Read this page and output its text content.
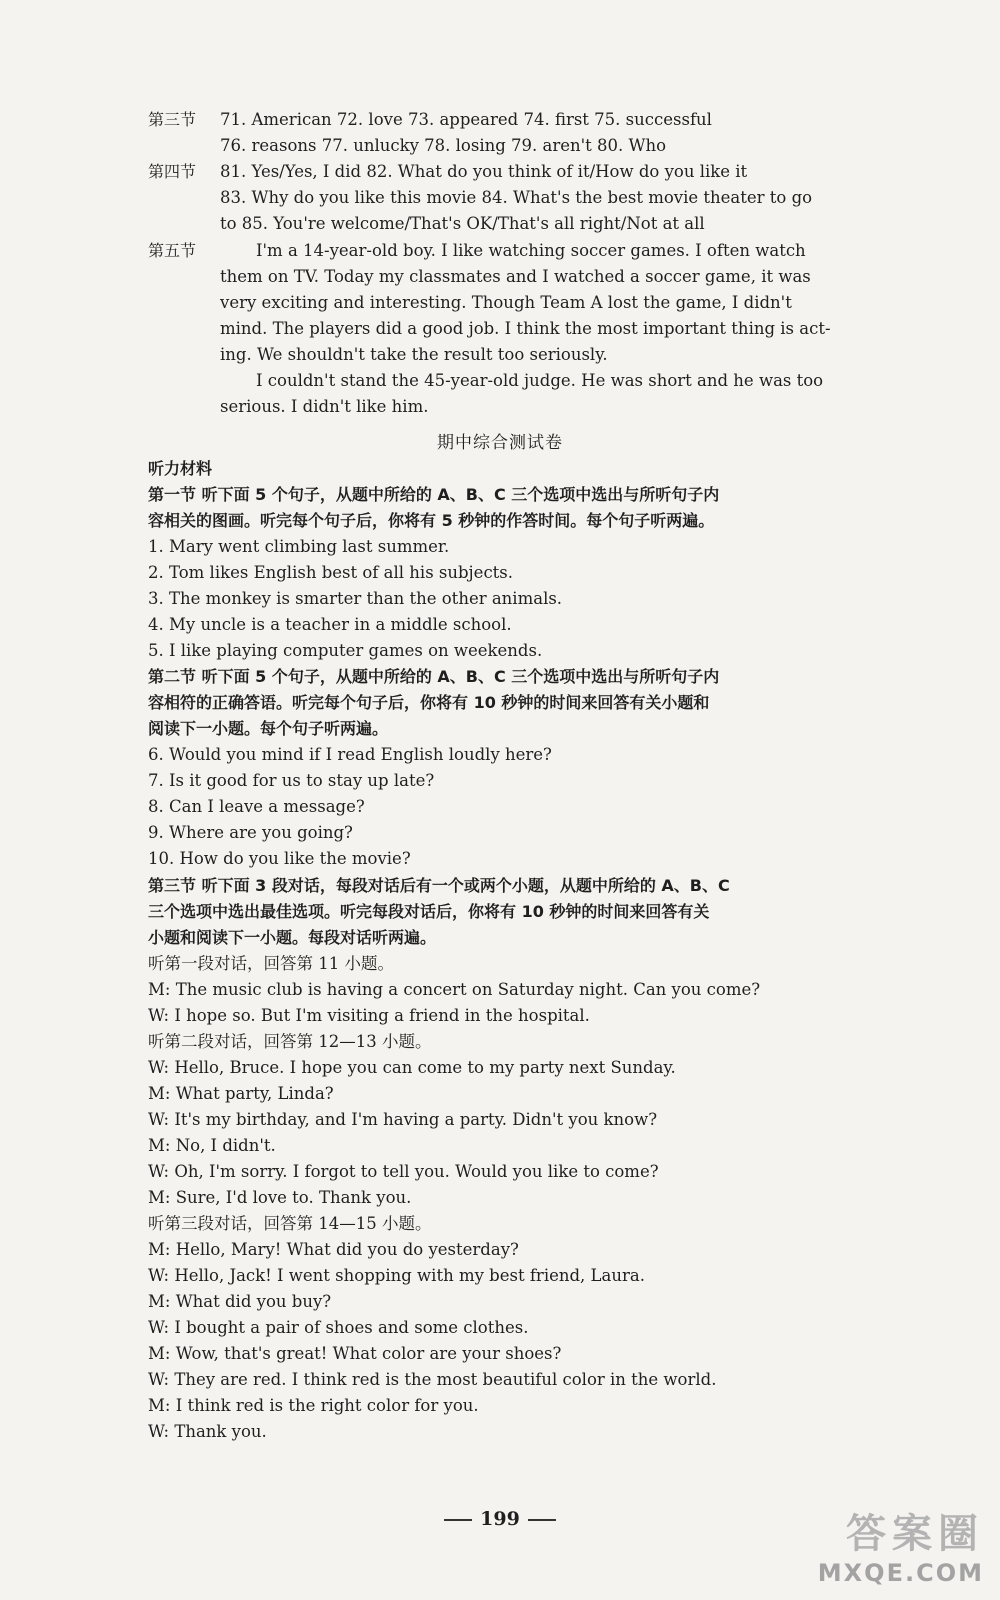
第三节 71. American 72. love 73. appeared 74. first 75. successful
76. reasons 77. unlucky 78. losing 79. aren't 80. Who
第四节 81. Yes/Yes, I did 82. What do you think of it/How do you like it
83. Why do you like this movie 84. What's the best movie theater to go
to 85. You're welcome/That's OK/That's all right/Not at all
第五节	I'm a 14-year-old boy. I like watching soccer games. I often watch
them on TV. Today my classmates and I watched a soccer game, it was
very exciting and interesting. Though Team A lost the game, I didn't
mind. The players did a good job. I think the most important thing is act-
ing. We shouldn't take the result too seriously.
I couldn't stand the 45-year-old judge. He was short and he was too
serious. I didn't like him.
期中综合测试卷
听力材料
第一节 听下面 5 个句子，从题中所给的 A、B、C 三个选项中选出与所听句子内
容相关的图画。听完每个句子后，你将有 5 秒钟的作答时间。每个句子听两遍。
1. Mary went climbing last summer.
2. Tom likes English best of all his subjects.
3. The monkey is smarter than the other animals.
4. My uncle is a teacher in a middle school.
5. I like playing computer games on weekends.
第二节 听下面 5 个句子，从题中所给的 A、B、C 三个选项中选出与所听句子内
容相符的正确答语。听完每个句子后，你将有 10 秒钟的时间来回答有关小题和
阅读下一小题。每个句子听两遍。
6. Would you mind if I read English loudly here?
7. Is it good for us to stay up late?
8. Can I leave a message?
9. Where are you going?
10. How do you like the movie?
第三节 听下面 3 段对话，每段对话后有一个或两个小题，从题中所给的 A、B、C
三个选项中选出最佳选项。听完每段对话后，你将有 10 秒钟的时间来回答有关
小题和阅读下一小题。每段对话听两遍。
听第一段对话，回答第 11 小题。
M: The music club is having a concert on Saturday night. Can you come?
W: I hope so. But I'm visiting a friend in the hospital.
听第二段对话，回答第 12—13 小题。
W: Hello, Bruce. I hope you can come to my party next Sunday.
M: What party, Linda?
W: It's my birthday, and I'm having a party. Didn't you know?
M: No, I didn't.
W: Oh, I'm sorry. I forgot to tell you. Would you like to come?
M: Sure, I'd love to. Thank you.
听第三段对话，回答第 14—15 小题。
M: Hello, Mary! What did you do yesterday?
W: Hello, Jack! I went shopping with my best friend, Laura.
M: What did you buy?
W: I bought a pair of shoes and some clothes.
M: Wow, that's great! What color are your shoes?
W: They are red. I think red is the most beautiful color in the world.
M: I think red is the right color for you.
W: Thank you.
199	答案圈
MXQE.COM
